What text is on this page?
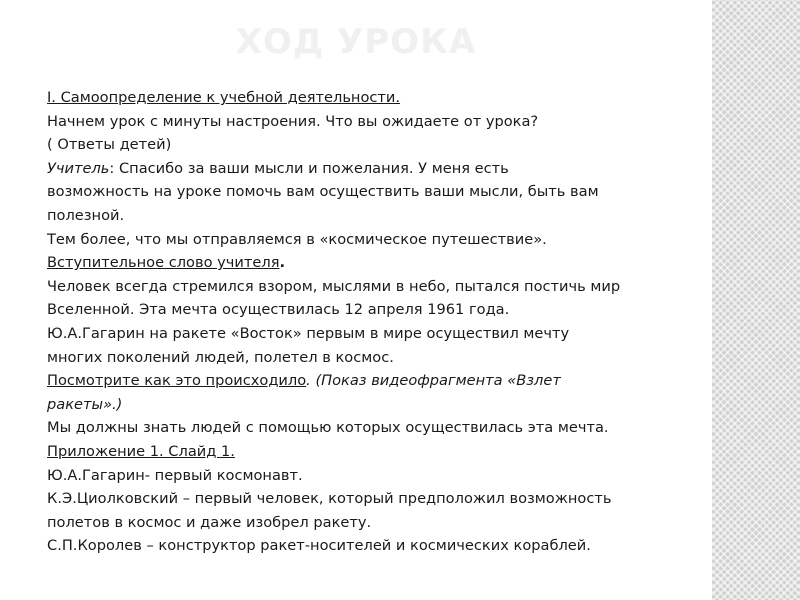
ХОД УРОКА
I. Самоопределение к учебной деятельности.
Начнем урок с минуты настроения. Что вы ожидаете от урока?
( Ответы детей)
Учитель: Спасибо за ваши мысли и пожелания. У меня есть
возможность на уроке помочь вам осуществить ваши мысли, быть вам
полезной.
Тем более, что мы отправляемся в «космическое путешествие».
Вступительное слово учителя.
Человек всегда стремился взором, мыслями в небо, пытался постичь мир
Вселенной. Эта мечта осуществилась 12 апреля 1961 года.
Ю.А.Гагарин на ракете «Восток» первым в мире осуществил мечту
многих поколений людей, полетел в космос.
Посмотрите как это происходило. (Показ видеофрагмента «Взлет
ракеты».)
Мы должны знать людей с помощью которых осуществилась эта мечта.
Приложение 1. Слайд 1.
Ю.А.Гагарин- первый космонавт.
К.Э.Циолковский – первый человек, который предположил возможность
полетов в космос и даже изобрел ракету.
С.П.Королев – конструктор ракет-носителей и космических кораблей.
